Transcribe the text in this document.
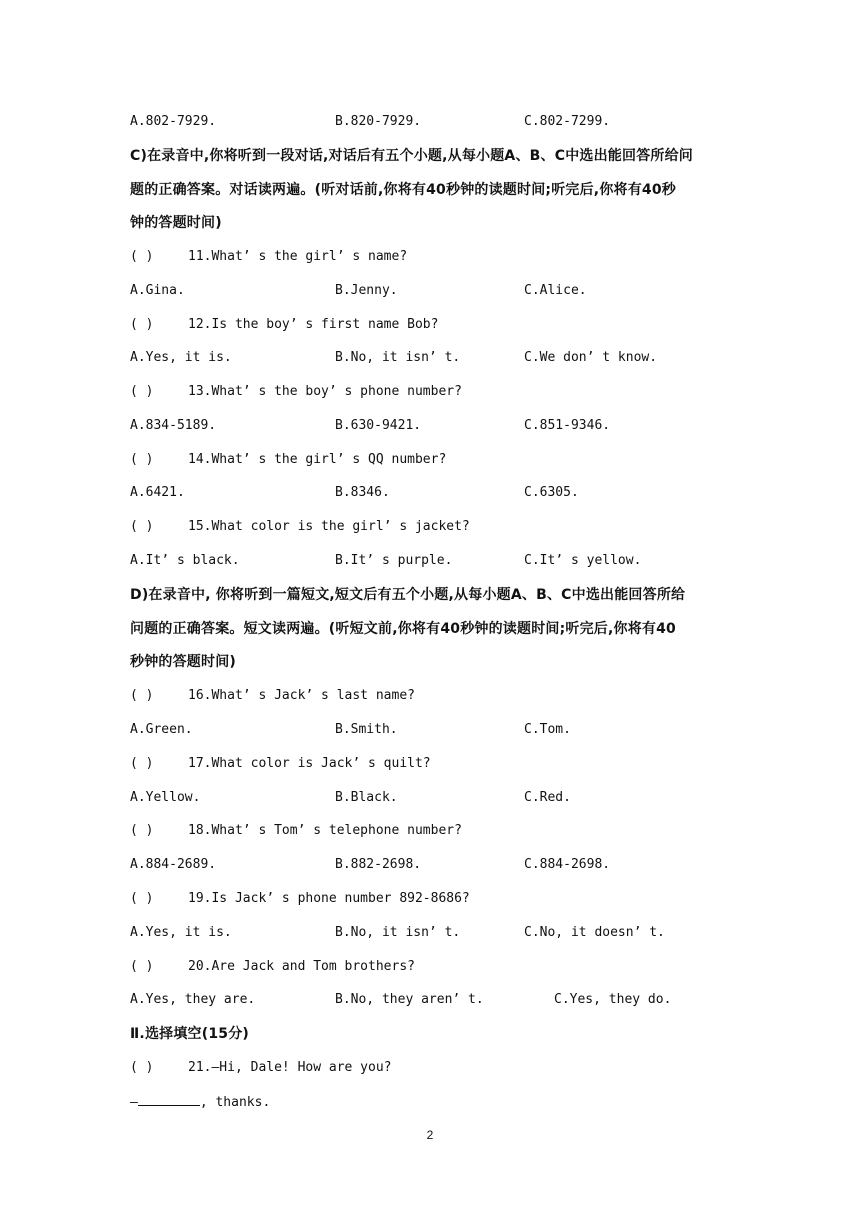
A.802-7929.	B.820-7929.	C.802-7299.
C)在录音中,你将听到一段对话,对话后有五个小题,从每小题A、B、C中选出能回答所给问
题的正确答案。对话读两遍。(听对话前,你将有40秒钟的读题时间;听完后,你将有40秒
钟的答题时间)
( )	11.What’ s the girl’ s name?
A.Gina.	B.Jenny.	C.Alice.
( )	12.Is the boy’ s first name Bob?
A.Yes, it is.	B.No, it isn’ t.	C.We don’ t know.
( )	13.What’ s the boy’ s phone number?
A.834-5189.	B.630-9421.	C.851-9346.
( )	14.What’ s the girl’ s QQ number?
A.6421.	B.8346.	C.6305.
( )	15.What color is the girl’ s jacket?
A.It’ s black.	B.It’ s purple.	C.It’ s yellow.
D)在录音中, 你将听到一篇短文,短文后有五个小题,从每小题A、B、C中选出能回答所给
问题的正确答案。短文读两遍。(听短文前,你将有40秒钟的读题时间;听完后,你将有40
秒钟的答题时间)
( )	16.What’ s Jack’ s last name?
A.Green.	B.Smith.	C.Tom.
( )	17.What color is Jack’ s quilt?
A.Yellow.	B.Black.	C.Red.
( )	18.What’ s Tom’ s telephone number?
A.884-2689.	B.882-2698.	C.884-2698.
( )	19.Is Jack’ s phone number 892-8686?
A.Yes, it is.	B.No, it isn’ t.	C.No, it doesn’ t.
( )	20.Are Jack and Tom brothers?
A.Yes, they are.	B.No, they aren’ t.	C.Yes, they do.
Ⅱ.选择填空(15分)
( )	21.—Hi, Dale! How are you?
—	, thanks.
2
